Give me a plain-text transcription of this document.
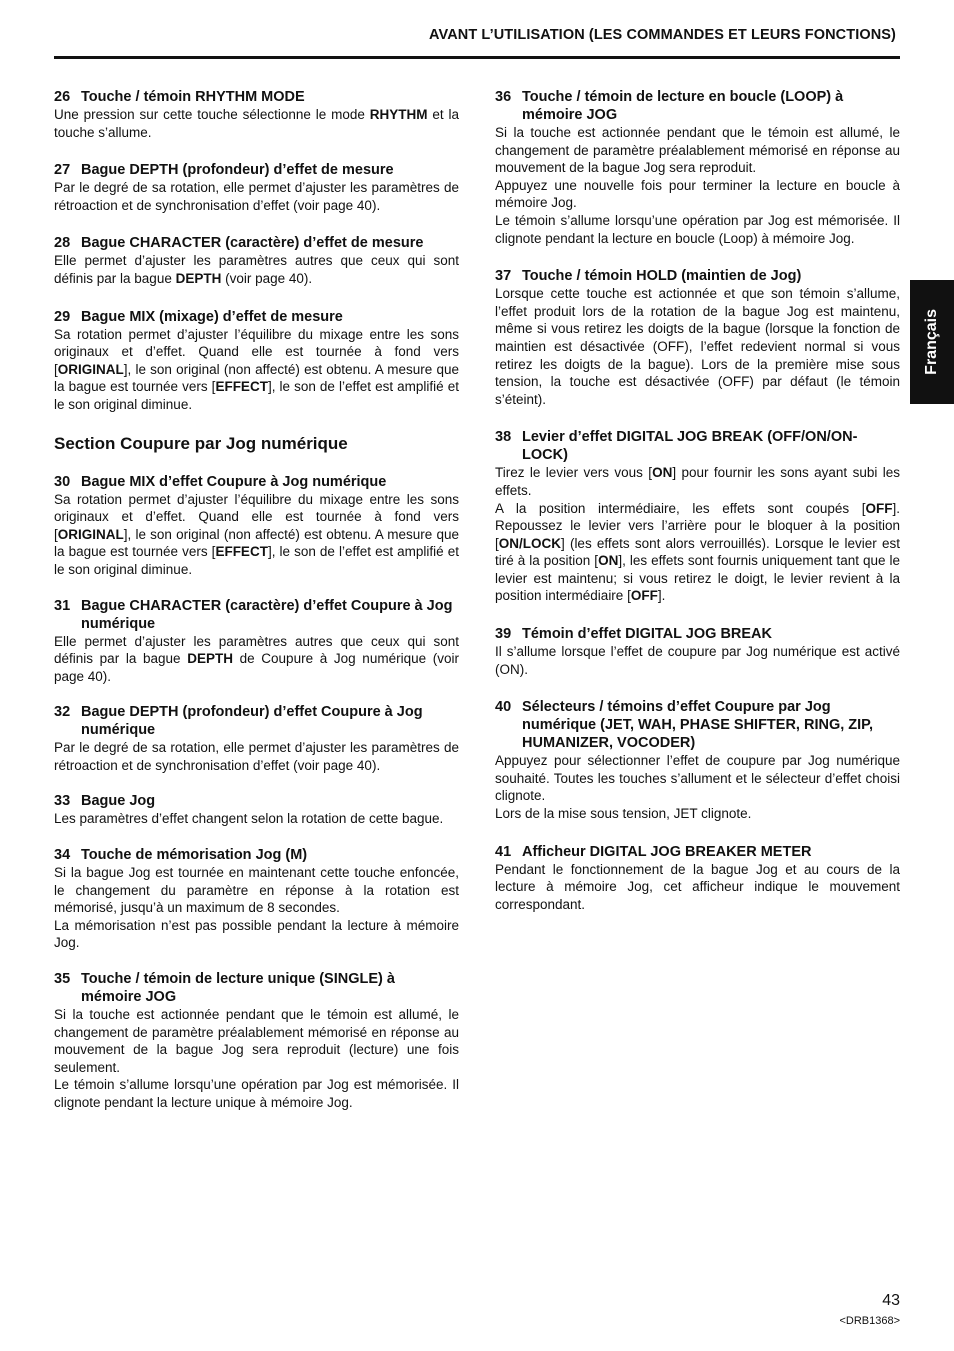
AVANT L’UTILISATION (LES COMMANDES ET LEURS FONCTIONS)
Français
26 Touche / témoin RHYTHM MODE
Une pression sur cette touche sélectionne le mode RHYTHM et la touche s’allume.
27 Bague DEPTH (profondeur) d’effet de mesure
Par le degré de sa rotation, elle permet d’ajuster les paramètres de rétroaction et de synchronisation d’effet (voir page 40).
28 Bague CHARACTER (caractère) d’effet de mesure
Elle permet d’ajuster les paramètres autres que ceux qui sont définis par la bague DEPTH (voir page 40).
29 Bague MIX (mixage) d’effet de mesure
Sa rotation permet d’ajuster l’équilibre du mixage entre les sons originaux et d’effet. Quand elle est tournée à fond vers [ORIGINAL], le son original (non affecté) est obtenu. A mesure que la bague est tournée vers [EFFECT], le son de l’effet est amplifié et le son original diminue.
Section Coupure par Jog numérique
30 Bague MIX d’effet Coupure à Jog numérique
Sa rotation permet d’ajuster l’équilibre du mixage entre les sons originaux et d’effet. Quand elle est tournée à fond vers [ORIGINAL], le son original (non affecté) est obtenu. A mesure que la bague est tournée vers [EFFECT], le son de l’effet est amplifié et le son original diminue.
31 Bague CHARACTER (caractère) d’effet Coupure à Jog numérique
Elle permet d’ajuster les paramètres autres que ceux qui sont définis par la bague DEPTH de Coupure à Jog numérique (voir page 40).
32 Bague DEPTH (profondeur) d’effet Coupure à Jog numérique
Par le degré de sa rotation, elle permet d’ajuster les paramètres de rétroaction et de synchronisation d’effet (voir page 40).
33 Bague Jog
Les paramètres d’effet changent selon la rotation de cette bague.
34 Touche de mémorisation Jog (M)

Si la bague Jog est tournée en maintenant cette touche enfoncée, le changement du paramètre en réponse à la rotation est mémorisé, jusqu’à un maximum de 8 secondes.

La mémorisation n’est pas possible pendant la lecture à mémoire Jog.

35 Touche / témoin de lecture unique (SINGLE) à mémoire JOG

Si la touche est actionnée pendant que le témoin est allumé, le changement de paramètre préalablement mémorisé en réponse au mouvement de la bague Jog sera reproduit (lecture) une fois seulement.

Le témoin s’allume lorsqu’une opération par Jog est mémorisée. Il clignote pendant la lecture unique à mémoire Jog.

36 Touche / témoin de lecture en boucle (LOOP) à mémoire JOG

Si la touche est actionnée pendant que le témoin est allumé, le changement de paramètre préalablement mémorisé en réponse au mouvement de la bague Jog sera reproduit.

Appuyez une nouvelle fois pour terminer la lecture en boucle à mémoire Jog.

Le témoin s’allume lorsqu’une opération par Jog est mémorisée. Il clignote pendant la lecture en boucle (Loop) à mémoire Jog.

37 Touche / témoin HOLD (maintien de Jog)
Lorsque cette touche est actionnée et que son témoin s’allume, l’effet produit lors de la rotation de la bague Jog est maintenu, même si vous retirez les doigts de la bague (lorsque la fonction de maintien est désactivée (OFF), l’effet redevient normal si vous retirez les doigts de la bague). Lors de la première mise sous tension, la touche est désactivée (OFF) par défaut (le témoin s’éteint).
38 Levier d’effet DIGITAL JOG BREAK (OFF/ON/ON-LOCK)

Tirez le levier vers vous [ON] pour fournir les sons ayant subi les effets.

A la position intermédiaire, les effets sont coupés [OFF]. Repoussez le levier vers l’arrière pour le bloquer à la position [ON/LOCK] (les effets sont alors verrouillés). Lorsque le levier est tiré à la position [ON], les effets sont fournis uniquement tant que le levier est maintenu; si vous retirez le doigt, le levier revient à la position intermédiaire [OFF].

39 Témoin d’effet DIGITAL JOG BREAK
Il s’allume lorsque l’effet de coupure par Jog numérique est activé (ON).
40 Sélecteurs / témoins d’effet Coupure par Jog numérique (JET, WAH, PHASE SHIFTER, RING, ZIP, HUMANIZER, VOCODER)

Appuyez pour sélectionner l’effet de coupure par Jog numérique souhaité. Toutes les touches s’allument et le sélecteur d’effet choisi clignote.

Lors de la mise sous tension, JET clignote.

41 Afficheur DIGITAL JOG BREAKER METER
Pendant le fonctionnement de la bague Jog et au cours de la lecture à mémoire Jog, cet afficheur indique le mouvement correspondant.
43
<DRB1368>
